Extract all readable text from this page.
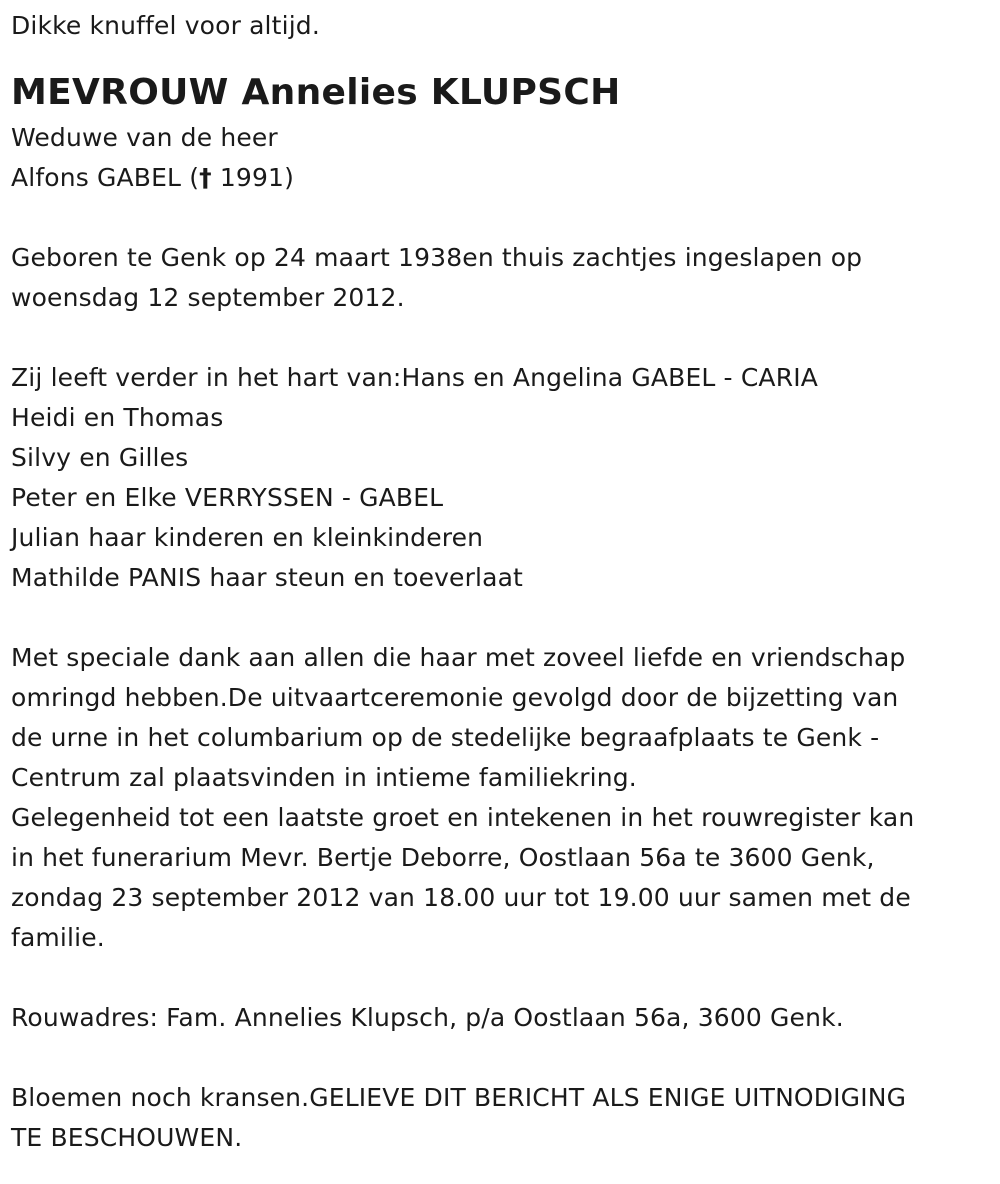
Dikke knuffel voor altijd.
MEVROUW Annelies KLUPSCH
Weduwe van de heer
Alfons GABEL († 1991)
Geboren te Genk op 24 maart 1938en thuis zachtjes ingeslapen op
woensdag 12 september 2012.
Zij leeft verder in het hart van:Hans en Angelina GABEL - CARIA
Heidi en Thomas
Silvy en Gilles
Peter en Elke VERRYSSEN - GABEL
Julian haar kinderen en kleinkinderen
Mathilde PANIS haar steun en toeverlaat
Met speciale dank aan allen die haar met zoveel liefde en vriendschap
omringd hebben.De uitvaartceremonie gevolgd door de bijzetting van
de urne in het columbarium op de stedelijke begraafplaats te Genk -
Centrum zal plaatsvinden in intieme familiekring.
Gelegenheid tot een laatste groet en intekenen in het rouwregister kan
in het funerarium Mevr. Bertje Deborre, Oostlaan 56a te 3600 Genk,
zondag 23 september 2012 van 18.00 uur tot 19.00 uur samen met de
familie.
Rouwadres: Fam. Annelies Klupsch, p/a Oostlaan 56a, 3600 Genk.
Bloemen noch kransen.GELIEVE DIT BERICHT ALS ENIGE UITNODIGING
TE BESCHOUWEN.
